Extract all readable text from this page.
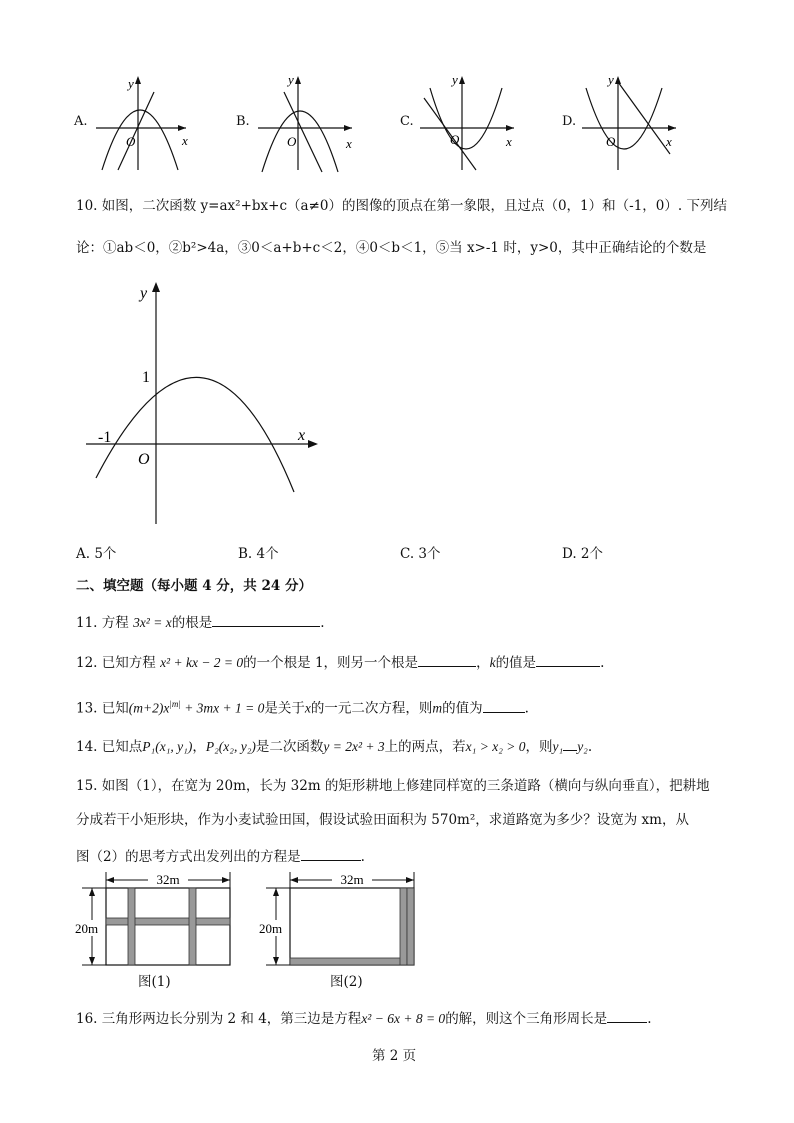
A.
y
x
O
B.
y
x
O
C.
y
x
O
D.
y
x
O
10. 如图，二次函数 y=ax²+bx+c（a≠0）的图像的顶点在第一象限，且过点（0，1）和（-1，0）. 下列结
论：①ab＜0，②b²>4a，③0＜a+b+c＜2，④0＜b＜1，⑤当 x>-1 时，y>0，其中正确结论的个数是
y
x
1
-1
O
A. 5个	B. 4个	C. 3个	D. 2个
二、填空题（每小题 4 分，共 24 分）
11. 方程 3x² = x的根是	.
12. 已知方程 x² + kx − 2 = 0的一个根是 1，则另一个根是	，k的值是	.
13. 已知$(m+2)x^{|m|} + 3mx + 1 = 0$是关于x的一元二次方程，则m的值为	.
14. 已知点P₁(x₁, y₁)，P₂(x₂, y₂)是二次函数y = 2x² + 3上的两点，若x₁ > x₂ > 0，则y₁ y₂.
15. 如图（1），在宽为 20m，长为 32m 的矩形耕地上修建同样宽的三条道路（横向与纵向垂直），把耕地
分成若干小矩形块，作为小麦试验田国，假设试验田面积为 570m²，求道路宽为多少？设宽为 xm，从
图（2）的思考方式出发列出的方程是	.
32m
20m
图(1)
32m
20m
图(2)
16. 三角形两边长分别为 2 和 4，第三边是方程x² − 6x + 8 = 0的解，则这个三角形周长是	.
第 2 页
